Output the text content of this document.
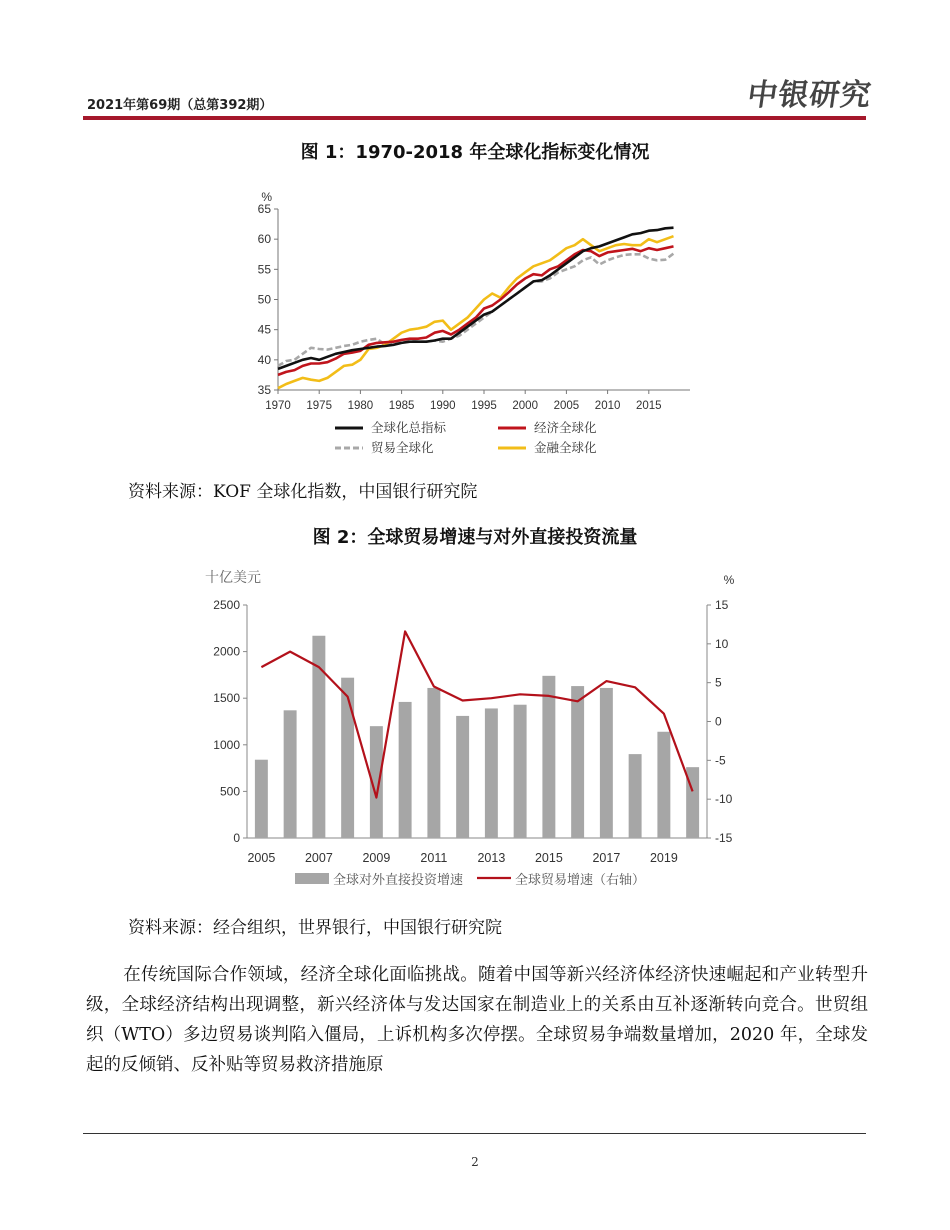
2021年第69期（总第392期）	中银研究
图 1：1970-2018 年全球化指标变化情况
%
35
40
45
50
55
60
65
1970 1975 1980 1985 1990 1995 2000 2005 2010 2015
全球化总指标	经济全球化
贸易全球化	金融全球化
资料来源：KOF 全球化指数，中国银行研究院
图 2：全球贸易增速与对外直接投资流量
十亿美元	%
0
500
1000
1500
2000
2500
-15
-10
-5
0
5
10
15
2005 2007 2009 2011 2013 2015 2017 2019
全球对外直接投资增速	全球贸易增速（右轴）
资料来源：经合组织，世界银行，中国银行研究院
在传统国际合作领域，经济全球化面临挑战。随着中国等新兴经济体经济快速崛起和产业转型升级，全球经济结构出现调整，新兴经济体与发达国家在制造业上的关系由互补逐渐转向竞合。世贸组织（WTO）多边贸易谈判陷入僵局，上诉机构多次停摆。全球贸易争端数量增加，2020 年，全球发起的反倾销、反补贴等贸易救济措施原
2
